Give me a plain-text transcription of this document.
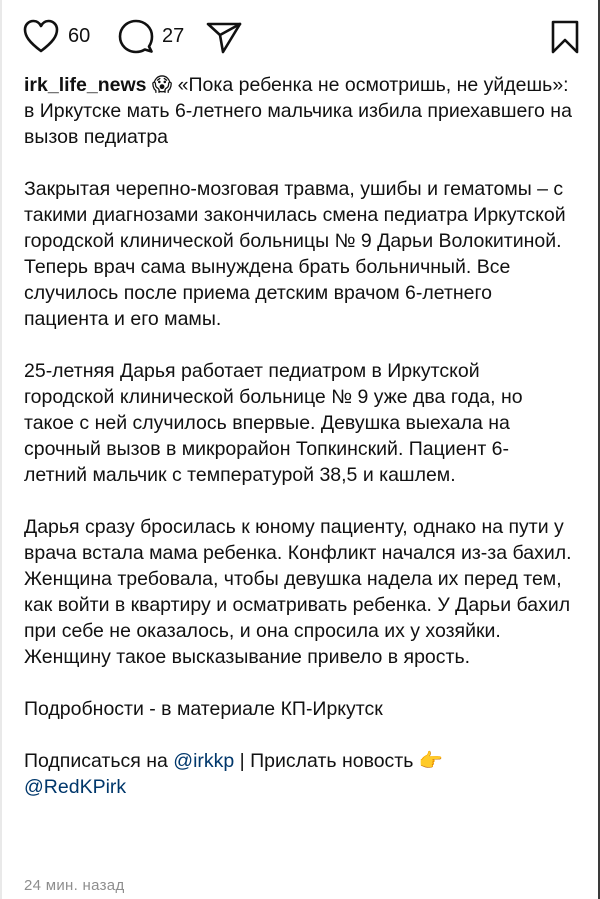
60	27

irk_life_news 😱 «Пока ребенка не осмотришь, не уйдешь»: в Иркутске мать 6-летнего мальчика избила приехавшего на вызов педиатра

Закрытая черепно-мозговая травма, ушибы и гематомы – с такими диагнозами закончилась смена педиатра Иркутской городской клинической больницы № 9 Дарьи Волокитиной. Теперь врач сама вынуждена брать больничный. Все случилось после приема детским врачом 6-летнего пациента и его мамы.

25-летняя Дарья работает педиатром в Иркутской городской клинической больнице № 9 уже два года, но такое с ней случилось впервые. Девушка выехала на срочный вызов в микрорайон Топкинский. Пациент 6-летний мальчик с температурой 38,5 и кашлем.

Дарья сразу бросилась к юному пациенту, однако на пути у врача встала мама ребенка. Конфликт начался из-за бахил. Женщина требовала, чтобы девушка надела их перед тем, как войти в квартиру и осматривать ребенка. У Дарьи бахил при себе не оказалось, и она спросила их у хозяйки. Женщину такое высказывание привело в ярость.

Подробности - в материале КП-Иркутск

Подписаться на @irkkp | Прислать новость 👉
@RedKPirk

24 мин. назад
